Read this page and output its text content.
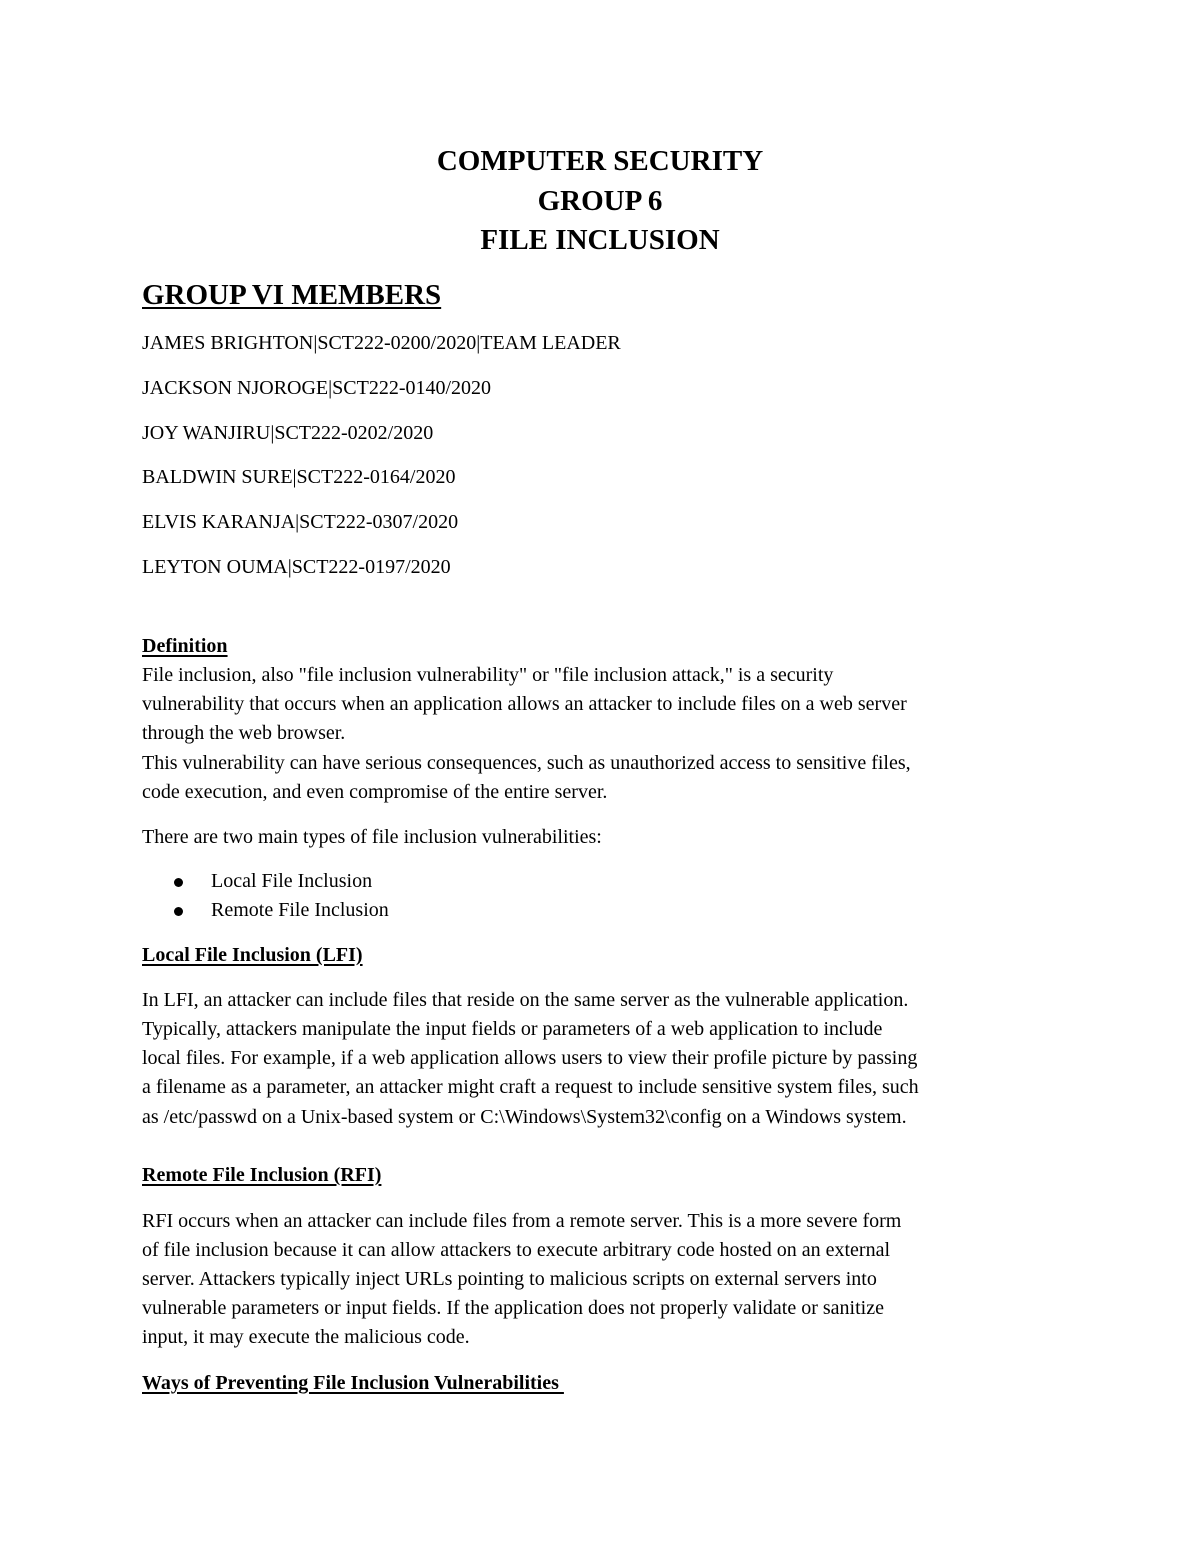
COMPUTER SECURITY
GROUP 6
FILE INCLUSION
GROUP VI MEMBERS
JAMES BRIGHTON|SCT222-0200/2020|TEAM LEADER
JACKSON NJOROGE|SCT222-0140/2020
JOY WANJIRU|SCT222-0202/2020
BALDWIN SURE|SCT222-0164/2020
ELVIS KARANJA|SCT222-0307/2020
LEYTON OUMA|SCT222-0197/2020
Definition
File inclusion, also "file inclusion vulnerability" or "file inclusion attack," is a security
vulnerability that occurs when an application allows an attacker to include files on a web server
through the web browser.
This vulnerability can have serious consequences, such as unauthorized access to sensitive files,
code execution, and even compromise of the entire server.
There are two main types of file inclusion vulnerabilities:
Local File Inclusion
Remote File Inclusion
Local File Inclusion (LFI)
In LFI, an attacker can include files that reside on the same server as the vulnerable application.
Typically, attackers manipulate the input fields or parameters of a web application to include
local files. For example, if a web application allows users to view their profile picture by passing
a filename as a parameter, an attacker might craft a request to include sensitive system files, such
as /etc/passwd on a Unix-based system or C:\Windows\System32\config on a Windows system.
Remote File Inclusion (RFI)
RFI occurs when an attacker can include files from a remote server. This is a more severe form
of file inclusion because it can allow attackers to execute arbitrary code hosted on an external
server. Attackers typically inject URLs pointing to malicious scripts on external servers into
vulnerable parameters or input fields. If the application does not properly validate or sanitize
input, it may execute the malicious code.
Ways of Preventing File Inclusion Vulnerabilities
